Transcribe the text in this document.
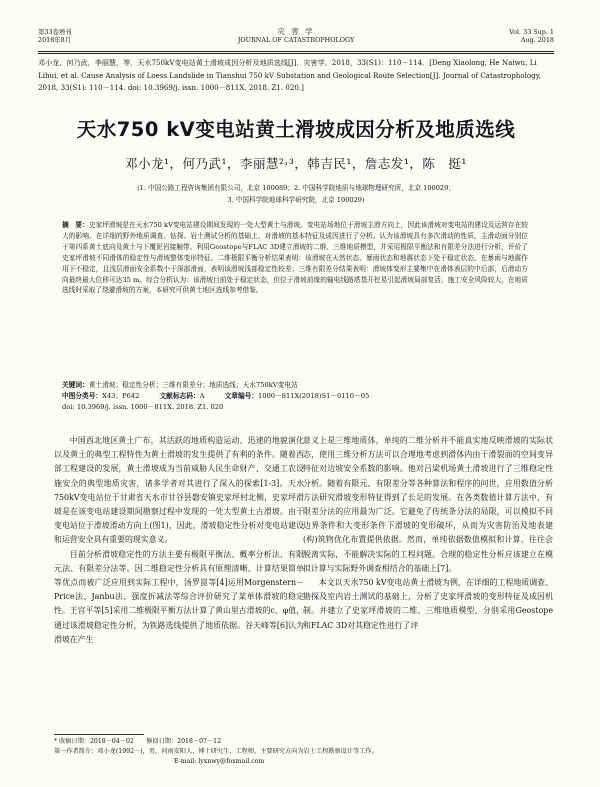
第33卷增刊
2018年8月
灾 害 学
JOURNAL OF CATASTROPHOLOGY
Vol. 33 Sup. 1
Aug. 2018
邓小龙，何乃武，李丽慧，等．天水750kV变电站黄土滑坡成因分析及地质选线[J]．灾害学，2018，33(S1)：110－114．[Deng Xiaolong, He Naiwu, Li Lihui, et al. Cause Analysis of Loess Landslide in Tianshui 750 kV Substation and Geological Route Selection[J]. Journal of Catastrophology, 2018, 33(S1): 110－114. doi: 10.3969/j. issn. 1000－811X. 2018. Z1. 020.]
天水750 kV变电站黄土滑坡成因分析及地质选线
邓小龙¹，何乃武¹，李丽慧²˒³，韩吉民¹，詹志发¹，陈　挺¹
(1. 中国公路工程咨询集团有限公司，北京 100089；2. 中国科学院地质与地球物理研究所，北京 100029；
3. 中国科学院地球科学研究院，北京 100029)
摘　要：史家坪滑坡是在天水750 kV变电站建设期间发现的一处大型黄土与滑坡。变电站场地位于滑坡主滑方向上，因此该滑坡对变电站的建设及运营存在较大的影响。在详细的野外地质调查、钻探、岩土测试分析的基础上，对滑坡的基本特征及成因进行了分析。认为该滑坡具有多次滑动的性质，主滑动面分别位于第四系黄土底向及黄土与下覆泥岩接触带。利用Geostope与FLAC 3D建立滑坡的二维、三维地质模型，并采用极限平衡法和有限差分法进行分析，评价了史家坪滑坡不同滑体的稳定性与滑坡整体变形特征。二维极限平衡分析结果表明：该滑坡在天然状态、暴雨状态和地震状态下处于稳定状态，在暴雨与地震作用下不稳定，且浅层滑面安全系数小于深部滑面，表明该滑坡浅部稳定性较差；三维有限差分结果表明：滑坡体变形主要集中在滑体表层的中后部，后滑动方向最终最大位移可达35 m。综合分析认为：该滑坡目前处于稳定状态，但位于滑坡前缘的输电线路塔基开挖易引起滑坡局部复活，施工安全风险较大，在地质选线时采取了绕避滑坡的方案，本研究可供黄土地区选线参考借鉴。
关键词：黄土滑坡；稳定性分析；三维有限差分；地质选线；天水750kV变电站
中图分类号：X43；P642	文献标志码：A	文章编号：1000－811X(2018)S1－0110－05
doi: 10.3969/j. issn. 1000－811X. 2018. Z1. 020

中国西北地区黄土广布，其活跃的地质构造运动、迅速的地貌演化以及黄土的典型工程特性为黄土滑坡的发生提供了有利的条件。随着西部工程建设的发展，黄土滑坡成为当前威胁人民生命财产、交通工农设施安全的典型地质灾害，诸多学者对其进行了深入的探索[1-3]。天水750kV变电站位于甘肃省天水市甘谷县磐安镇史家坪村北侧，史家坪滑坡是在该变电站建设期间勘察过程中发现的一处大型黄土古滑坡。由于变电站位于滑坡滑动方向上(图1)，因此，滑坡稳定性分析对变电站建设和运营安全具有重要的现实意义。

目前分析滑坡稳定性的方法主要有极限平衡法、概率分析法、有限元法、有限差分法等。因二维稳定性分析具有原理清晰、计算结果简单等优点而被广泛应用到实际工程中，汤罗崑等[4]运用Morgenstern－Price法、Janbu法、强度折减法等综合评价研究了某单体滑坡的稳定性。王宫平等[5]采用二维极限平衡方法计算了黄山里古滑坡的c、φ值，通过该滑坡稳定性分析，为铁路选线提供了地质依据。谷天峰等[6]认为滑坡在产生

意义上是三维地质体，单纯的二维分析并不能真实地反映滑坡的实际状态，使用三维分析方法可以合理地考虑到滑体内由于滑裂面的空间变异特征对边坡安全系数的影响。他对吕梁机场黄土滑坡进行了三维稳定性分析。随着有限元、有限差分等各种算法和程序的问世，应用数值分析方法研究滑坡变形特征得到了长足的发展。在各类数值计算方法中，有限差分法的应用最为广泛。它避免了传统条分法的局限，可以模拟不同边界条件和大变形条件下滑坡的变形破坏，从而为灾害防治及地表建(构)筑物优化布置提供依据。然而，单纯依据数值模拟和计算，往往会脱离实际，不能解决实际的工程问题。合理的稳定性分析应该建立在模拟计算与实际野外调查相结合的基础上[7]。

本文以天水750 kV变电站黄土滑坡为例，在详细的工程地质调查、勘探及室内岩土测试的基础上，分析了史家坪滑坡的变形特征及成因机制。并建立了史家坪滑坡的二维、三维地质模型，分别采用Geostope和FLAC 3D对其稳定性进行了评

* 收稿日期：2018－04－02　　修回日期：2018－07－12
第一作者简介：邓小龙(1992－)，男，河南安阳人，博士研究生，工程师，主要研究方向为岩土工程勘察设计等工作。
E-mail: lyxnwy@foxmail.com
